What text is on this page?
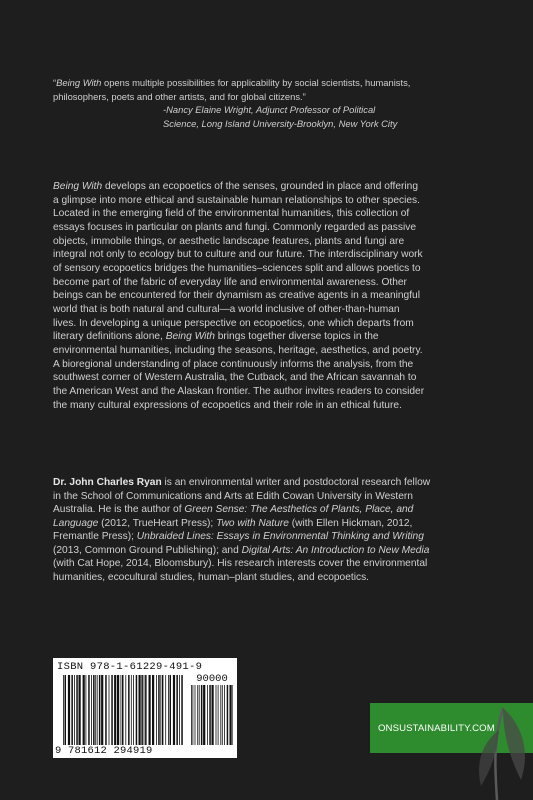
“Being With opens multiple possibilities for applicability by social scientists, humanists, philosophers, poets and other artists, and for global citizens.”

-Nancy Elaine Wright, Adjunct Professor of Political

Science, Long Island University-Brooklyn, New York City

Being With develops an ecopoetics of the senses, grounded in place and offering a glimpse into more ethical and sustainable human relationships to other species. Located in the emerging field of the environmental humanities, this collection of essays focuses in particular on plants and fungi. Commonly regarded as passive objects, immobile things, or aesthetic landscape features, plants and fungi are integral not only to ecology but to culture and our future. The interdisciplinary work of sensory ecopoetics bridges the humanities–sciences split and allows poetics to become part of the fabric of everyday life and environmental awareness. Other beings can be encountered for their dynamism as creative agents in a meaningful world that is both natural and cultural—a world inclusive of other-than-human lives. In developing a unique perspective on ecopoetics, one which departs from literary definitions alone, Being With brings together diverse topics in the environmental humanities, including the seasons, heritage, aesthetics, and poetry. A bioregional understanding of place continuously informs the analysis, from the southwest corner of Western Australia, the Cutback, and the African savannah to the American West and the Alaskan frontier. The author invites readers to consider the many cultural expressions of ecopoetics and their role in an ethical future.

Dr. John Charles Ryan is an environmental writer and postdoctoral research fellow in the School of Communications and Arts at Edith Cowan University in Western Australia. He is the author of Green Sense: The Aesthetics of Plants, Place, and Language (2012, TrueHeart Press); Two with Nature (with Ellen Hickman, 2012, Fremantle Press); Unbraided Lines: Essays in Environmental Thinking and Writing (2013, Common Ground Publishing); and Digital Arts: An Introduction to New Media (with Cat Hope, 2014, Bloomsbury). His research interests cover the environmental humanities, ecocultural studies, human–plant studies, and ecopoetics.

ISBN 978-1-61229-491-9
90000
9 781612 294919
ONSUSTAINABILITY.COM
